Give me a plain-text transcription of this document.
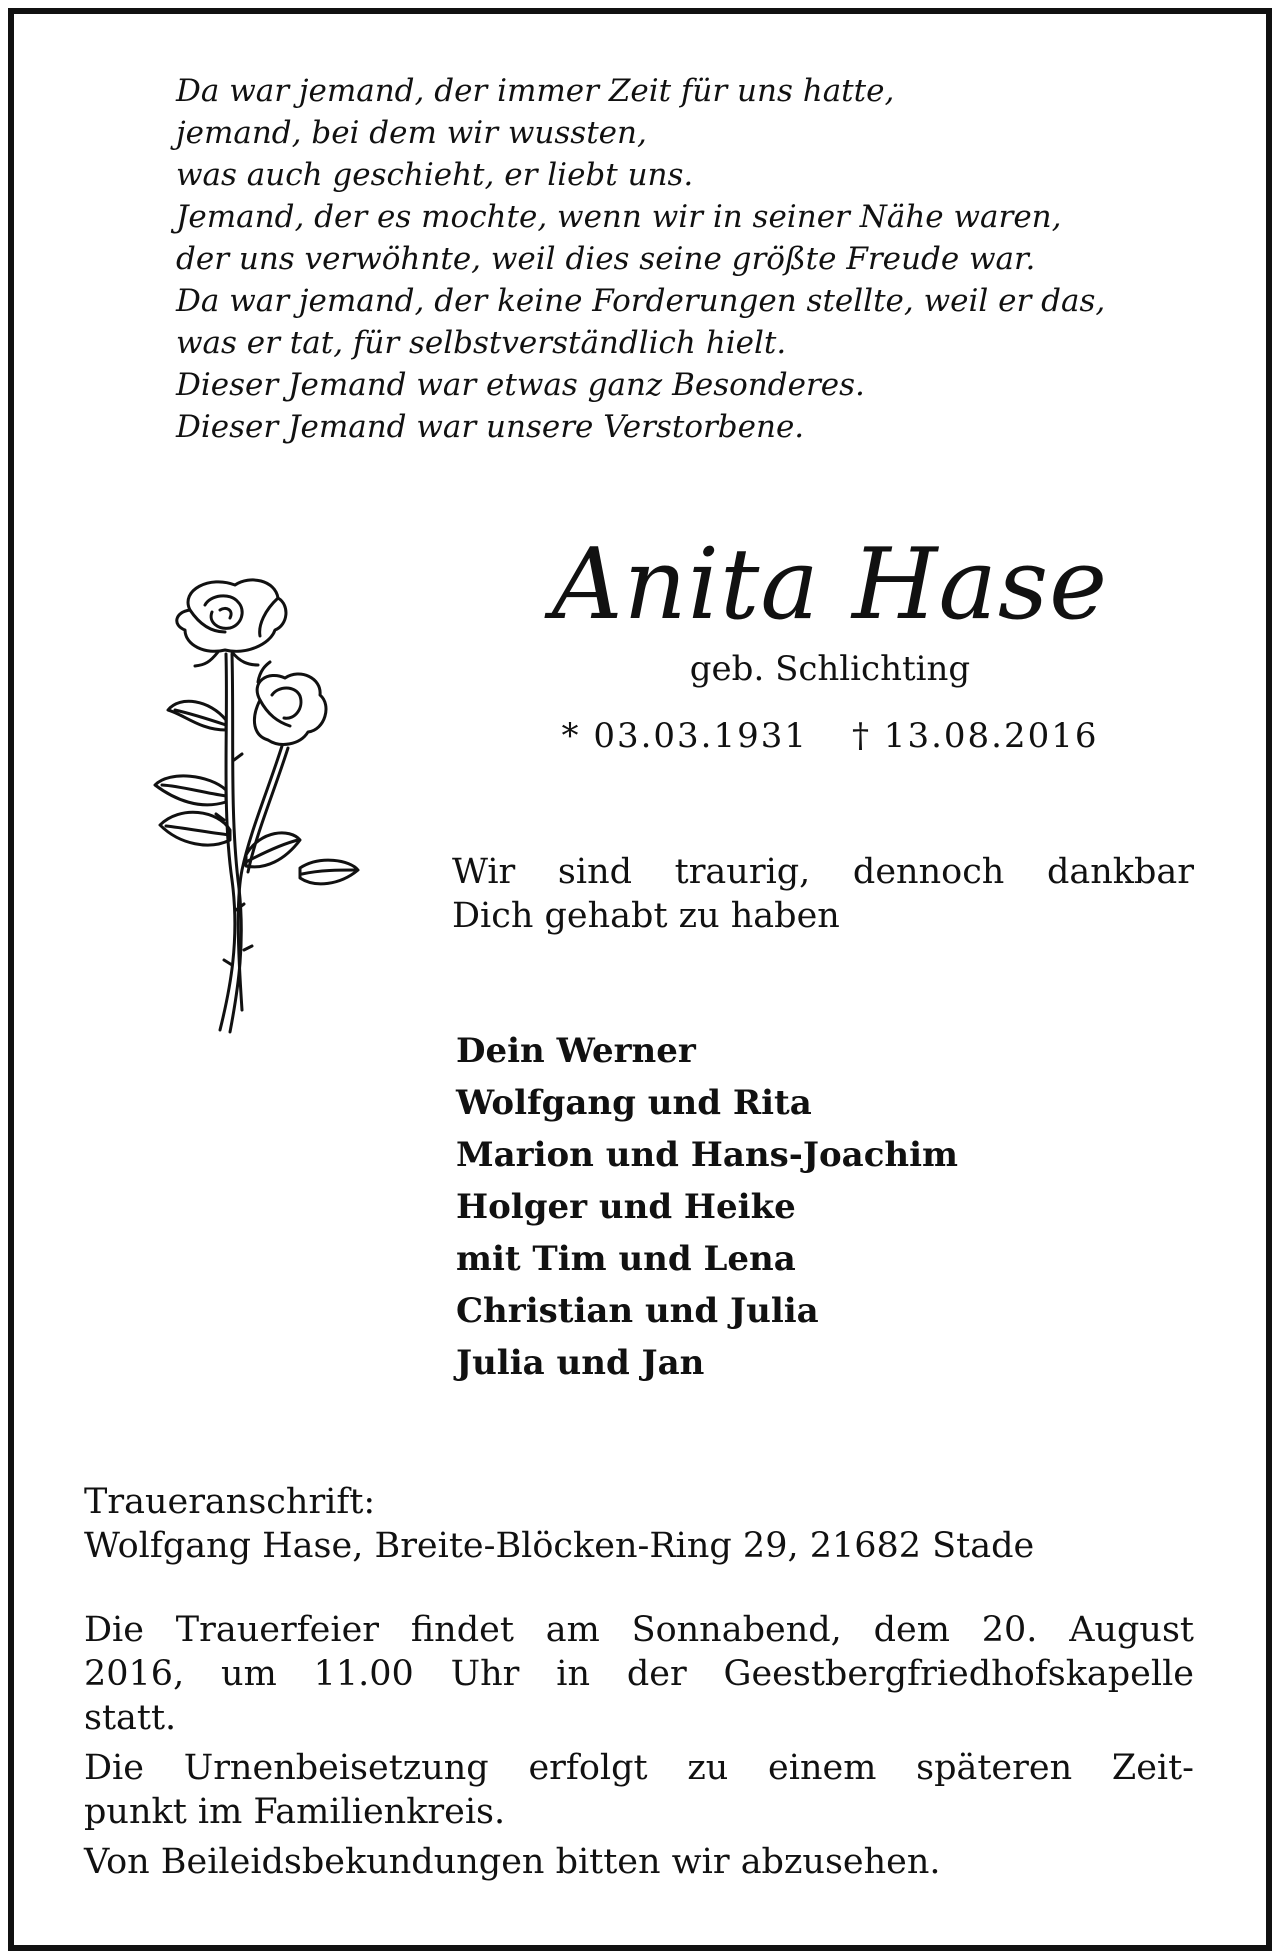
Da war jemand, der immer Zeit für uns hatte,
jemand, bei dem wir wussten,
was auch geschieht, er liebt uns.
Jemand, der es mochte, wenn wir in seiner Nähe waren,
der uns verwöhnte, weil dies seine größte Freude war.
Da war jemand, der keine Forderungen stellte, weil er das,
was er tat, für selbstverständlich hielt.
Dieser Jemand war etwas ganz Besonderes.
Dieser Jemand war unsere Verstorbene.
Anita Hase
geb. Schlichting
* 03.03.1931 † 13.08.2016
Wir sind traurig, dennoch dankbar
Dich gehabt zu haben
Dein Werner
Wolfgang und Rita
Marion und Hans-Joachim
Holger und Heike
mit Tim und Lena
Christian und Julia
Julia und Jan
Traueranschrift:
Wolfgang Hase, Breite-Blöcken-Ring 29, 21682 Stade
Die Trauerfeier findet am Sonnabend, dem 20. August
2016, um 11.00 Uhr in der Geestbergfriedhofskapelle
statt.
Die Urnenbeisetzung erfolgt zu einem späteren Zeit-
punkt im Familienkreis.
Von Beileidsbekundungen bitten wir abzusehen.
